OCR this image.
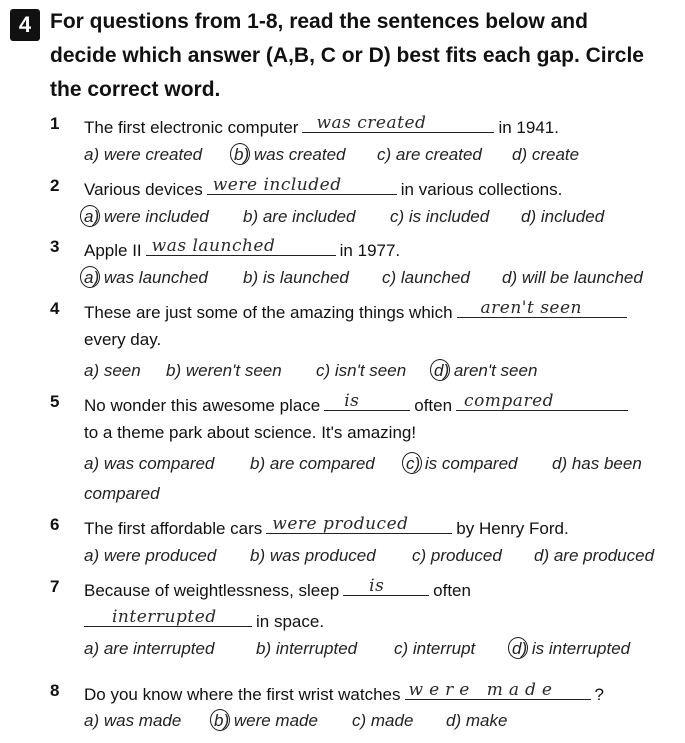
4 For questions from 1-8, read the sentences below and
decide which answer (A,B, C or D) best fits each gap. Circle
the correct word.
1 The first electronic computer was created	in 1941.
a) were created b) was created c) are created d) create
2 Various devices were included	in various collections.
a) were included b) are included c) is included d) included
3 Apple II was launched	in 1977.
a) was launched b) is launched c) launched d) will be launched
4 These are just some of the amazing things which aren't seen
every day.
a) seen b) weren't seen c) isn't seen d) aren't seen
5 No wonder this awesome place is	often compared
to a theme park about science. It's amazing!
a) was compared b) are compared c) is compared d) has been
compared
6 The first affordable cars were produced	by Henry Ford.
a) were produced b) was produced c) produced d) are produced
7 Because of weightlessness, sleep is	often
interrupted in space.
a) are interrupted b) interrupted c) interrupt d) is interrupted
8 Do you know where the first wrist watches were made ?
a) was made b) were made c) made d) make
